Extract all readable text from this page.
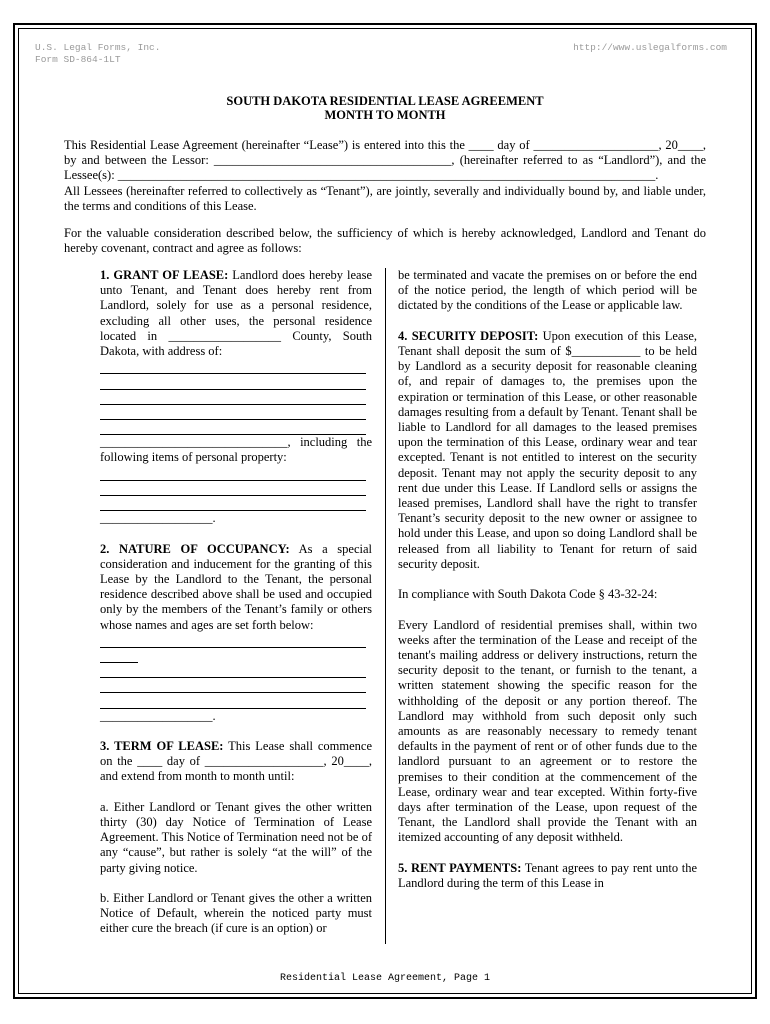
U.S. Legal Forms, Inc.
Form SD-864-1LT
http://www.uslegalforms.com
SOUTH DAKOTA RESIDENTIAL LEASE AGREEMENT
MONTH TO MONTH

This Residential Lease Agreement (hereinafter “Lease”) is entered into this the ____ day of ____________________, 20____, by and between the Lessor: ______________________________________, (hereinafter referred to as “Landlord”), and the Lessee(s): ______________________________________________________________________________________.

All Lessees (hereinafter referred to collectively as “Tenant”), are jointly, severally and individually bound by, and liable under, the terms and conditions of this Lease.

For the valuable consideration described below, the sufficiency of which is hereby acknowledged, Landlord and Tenant do hereby covenant, contract and agree as follows:

1. GRANT OF LEASE: Landlord does hereby lease unto Tenant, and Tenant does hereby rent from Landlord, solely for use as a personal residence, excluding all other uses, the personal residence located in __________________ County, South Dakota, with address of:

______________________________, including the following items of personal property:

__________________.

2. NATURE OF OCCUPANCY: As a special consideration and inducement for the granting of this Lease by the Landlord to the Tenant, the personal residence described above shall be used and occupied only by the members of the Tenant’s family or others whose names and ages are set forth below:

__________________.

3. TERM OF LEASE: This Lease shall commence on the ____ day of ___________________, 20____, and extend from month to month until:

a. Either Landlord or Tenant gives the other written thirty (30) day Notice of Termination of Lease Agreement. This Notice of Termination need not be of any “cause”, but rather is solely “at the will” of the party giving notice.

b. Either Landlord or Tenant gives the other a written Notice of Default, wherein the noticed party must either cure the breach (if cure is an option) or

be terminated and vacate the premises on or before the end of the notice period, the length of which period will be dictated by the conditions of the Lease or applicable law.

4. SECURITY DEPOSIT: Upon execution of this Lease, Tenant shall deposit the sum of $___________ to be held by Landlord as a security deposit for reasonable cleaning of, and repair of damages to, the premises upon the expiration or termination of this Lease, or other reasonable damages resulting from a default by Tenant. Tenant shall be liable to Landlord for all damages to the leased premises upon the termination of this Lease, ordinary wear and tear excepted. Tenant is not entitled to interest on the security deposit. Tenant may not apply the security deposit to any rent due under this Lease. If Landlord sells or assigns the leased premises, Landlord shall have the right to transfer Tenant’s security deposit to the new owner or assignee to hold under this Lease, and upon so doing Landlord shall be released from all liability to Tenant for return of said security deposit.

In compliance with South Dakota Code § 43-32-24:

Every Landlord of residential premises shall, within two weeks after the termination of the Lease and receipt of the tenant's mailing address or delivery instructions, return the security deposit to the tenant, or furnish to the tenant, a written statement showing the specific reason for the withholding of the deposit or any portion thereof. The Landlord may withhold from such deposit only such amounts as are reasonably necessary to remedy tenant defaults in the payment of rent or of other funds due to the landlord pursuant to an agreement or to restore the premises to their condition at the commencement of the Lease, ordinary wear and tear excepted. Within forty-five days after termination of the Lease, upon request of the Tenant, the Landlord shall provide the Tenant with an itemized accounting of any deposit withheld.

5. RENT PAYMENTS: Tenant agrees to pay rent unto the Landlord during the term of this Lease in

Residential Lease Agreement, Page 1
